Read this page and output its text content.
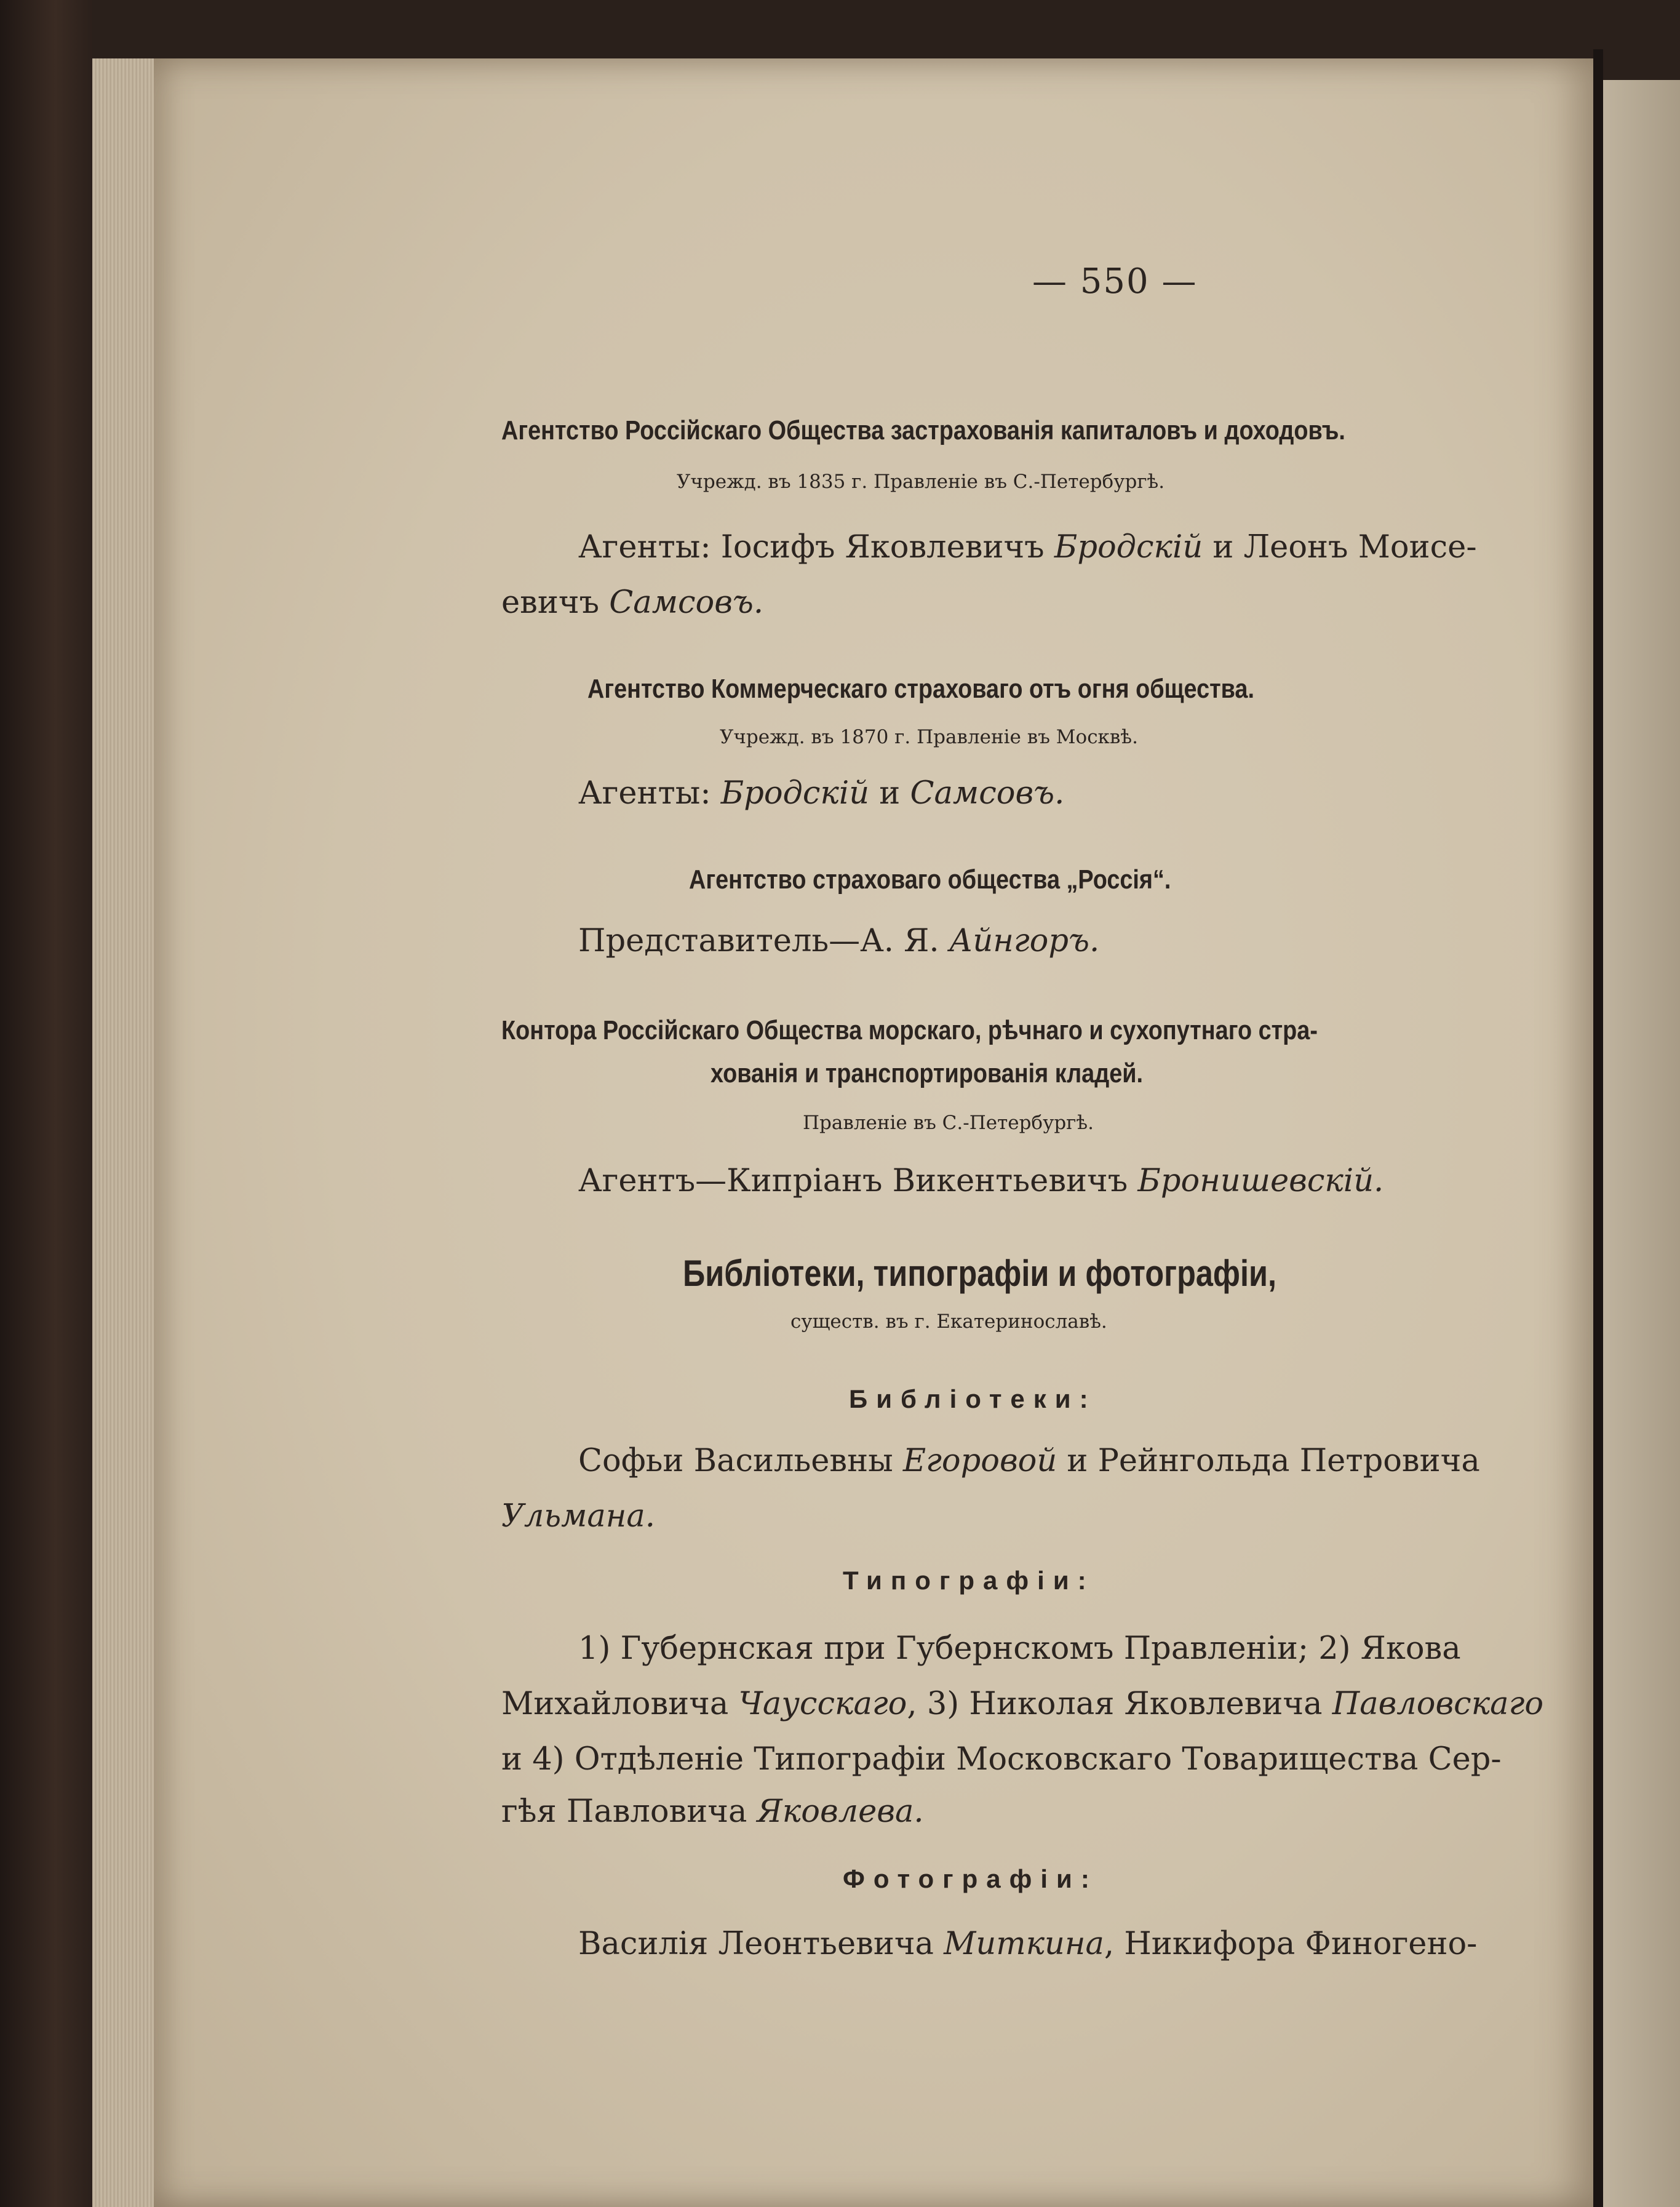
— 550 —
Агентство Россійскаго Общества застрахованія капиталовъ и доходовъ.
Учрежд. въ 1835 г. Правленіе въ С.-Петербургѣ.
Агенты: Іосифъ Яковлевичъ Бродскій и Леонъ Моисе-
евичъ Самсовъ.
Агентство Коммерческаго страховаго отъ огня общества.
Учрежд. въ 1870 г. Правленіе въ Москвѣ.
Агенты: Бродскій и Самсовъ.
Агентство страховаго общества „Россія“.
Представитель—А. Я. Айнгоръ.
Контора Россійскаго Общества морскаго, рѣчнаго и сухопутнаго стра-
хованія и транспортированія кладей.
Правленіе въ С.-Петербургѣ.
Агентъ—Кипріанъ Викентьевичъ Бронишевскій.
Библіотеки, типографіи и фотографіи,
существ. въ г. Екатеринославѣ.
Библіотеки:
Софьи Васильевны Егоровой и Рейнгольда Петровича
Ульмана.
Типографіи:
1) Губернская при Губернскомъ Правленіи; 2) Якова
Михайловича Чаусскаго, 3) Николая Яковлевича Павловскаго
и 4) Отдѣленіе Типографіи Московскаго Товарищества Сер-
гѣя Павловича Яковлева.
Фотографіи:
Василія Леонтьевича Миткина, Никифора Финогено-
